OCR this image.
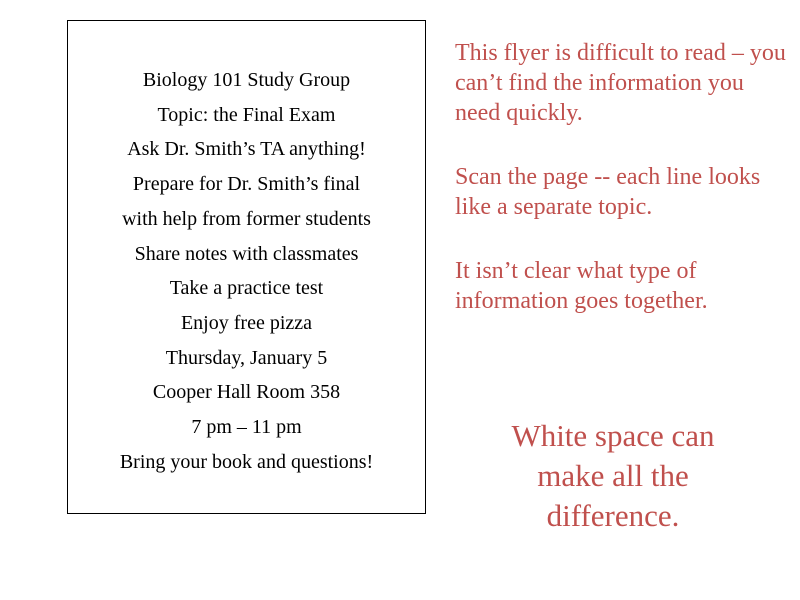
Biology 101 Study Group
Topic: the Final Exam
Ask Dr. Smith’s TA anything!
Prepare for Dr. Smith’s final
with help from former students
Share notes with classmates
Take a practice test
Enjoy free pizza
Thursday, January 5
Cooper Hall Room 358
7 pm – 11 pm
Bring your book and questions!

This flyer is difficult to read – you can’t find the information you need quickly.

Scan the page -- each line looks like a separate topic.

It isn’t clear what type of information goes together.

White space can make all the difference.
